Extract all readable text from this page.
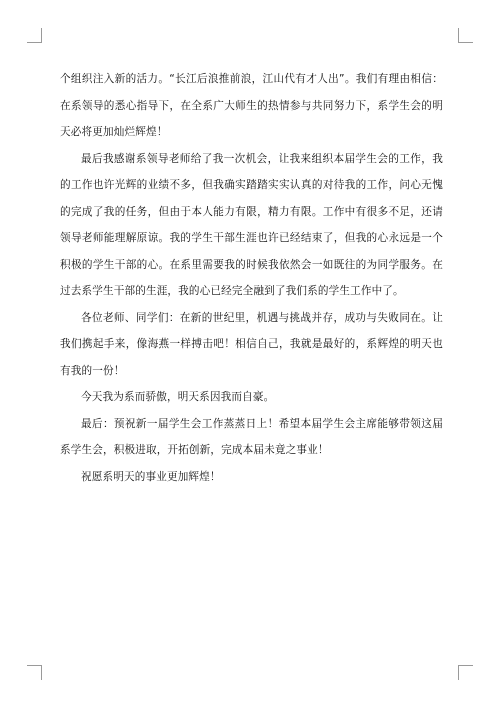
个组织注入新的活力。“长江后浪推前浪，江山代有才人出”。我们有理由相信：在系领导的悉心指导下，在全系广大师生的热情参与共同努力下，系学生会的明天必将更加灿烂辉煌！

最后我感谢系领导老师给了我一次机会，让我来组织本届学生会的工作，我的工作也许光辉的业绩不多，但我确实踏踏实实认真的对待我的工作，问心无愧的完成了我的任务，但由于本人能力有限，精力有限。工作中有很多不足，还请领导老师能理解原谅。我的学生干部生涯也许已经结束了，但我的心永远是一个积极的学生干部的心。在系里需要我的时候我依然会一如既往的为同学服务。在过去系学生干部的生涯，我的心已经完全融到了我们系的学生工作中了。

各位老师、同学们：在新的世纪里，机遇与挑战并存，成功与失败同在。让我们携起手来，像海燕一样搏击吧！相信自己，我就是最好的，系辉煌的明天也有我的一份！

今天我为系而骄傲，明天系因我而自豪。

最后：预祝新一届学生会工作蒸蒸日上！希望本届学生会主席能够带领这届系学生会，积极进取，开拓创新，完成本届未竟之事业！

祝愿系明天的事业更加辉煌！
